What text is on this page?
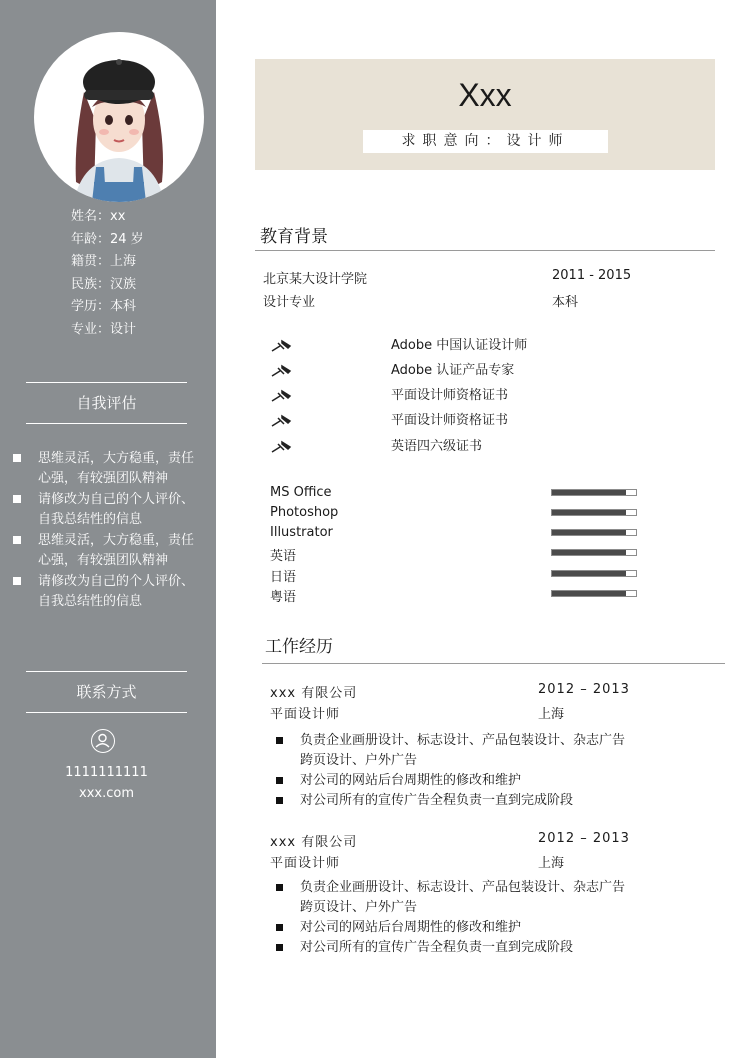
姓名：xx
年龄：24 岁
籍贯：上海
民族：汉族
学历：本科
专业：设计
自我评估
思维灵活，大方稳重，责任心强，有较强团队精神
请修改为自己的个人评价、自我总结性的信息
思维灵活，大方稳重，责任心强，有较强团队精神
请修改为自己的个人评价、自我总结性的信息
联系方式
1111111111
xxx.com
Xxx
求职意向：设计师
教育背景
北京某大设计学院	2011 - 2015
设计专业	本科
Adobe 中国认证设计师
Adobe 认证产品专家
平面设计师资格证书
平面设计师资格证书
英语四六级证书
MS Office
Photoshop
Illustrator
英语
日语
粤语
工作经历
xxx 有限公司	2012 – 2013
平面设计师	上海
负责企业画册设计、标志设计、产品包装设计、杂志广告跨页设计、户外广告
对公司的网站后台周期性的修改和维护
对公司所有的宣传广告全程负责一直到完成阶段
xxx 有限公司	2012 – 2013
平面设计师	上海
负责企业画册设计、标志设计、产品包装设计、杂志广告跨页设计、户外广告
对公司的网站后台周期性的修改和维护
对公司所有的宣传广告全程负责一直到完成阶段
